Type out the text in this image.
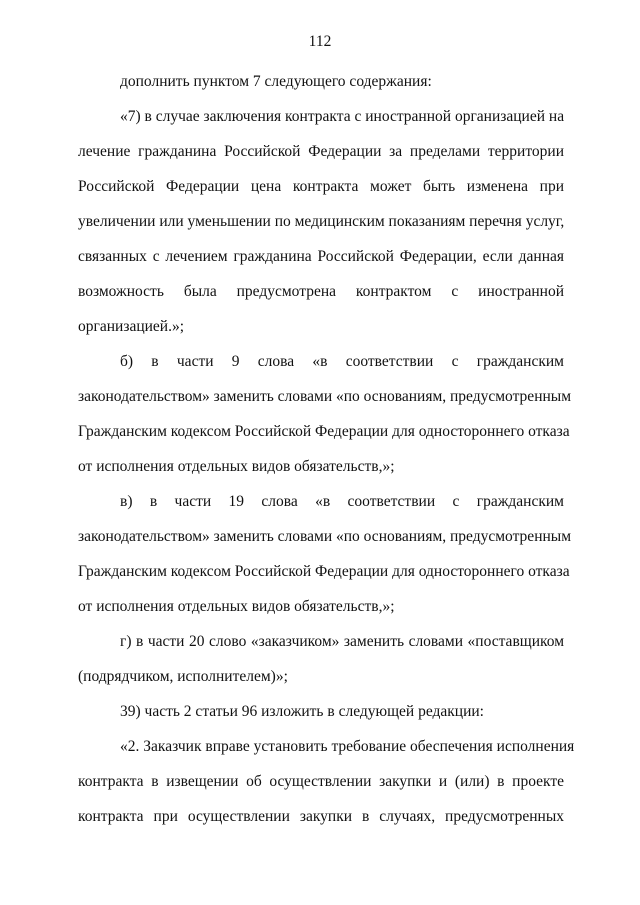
112
дополнить пунктом 7 следующего содержания:
«7) в случае заключения контракта с иностранной организацией на
лечение гражданина Российской Федерации за пределами территории
Российской Федерации цена контракта может быть изменена при
увеличении или уменьшении по медицинским показаниям перечня услуг,
связанных с лечением гражданина Российской Федерации, если данная
возможность была предусмотрена контрактом с иностранной
организацией.»;
б) в части 9 слова «в соответствии с гражданским
законодательством» заменить словами «по основаниям, предусмотренным
Гражданским кодексом Российской Федерации для одностороннего отказа
от исполнения отдельных видов обязательств,»;
в) в части 19 слова «в соответствии с гражданским
законодательством» заменить словами «по основаниям, предусмотренным
Гражданским кодексом Российской Федерации для одностороннего отказа
от исполнения отдельных видов обязательств,»;
г) в части 20 слово «заказчиком» заменить словами «поставщиком
(подрядчиком, исполнителем)»;
39) часть 2 статьи 96 изложить в следующей редакции:
«2. Заказчик вправе установить требование обеспечения исполнения
контракта в извещении об осуществлении закупки и (или) в проекте
контракта при осуществлении закупки в случаях, предусмотренных
